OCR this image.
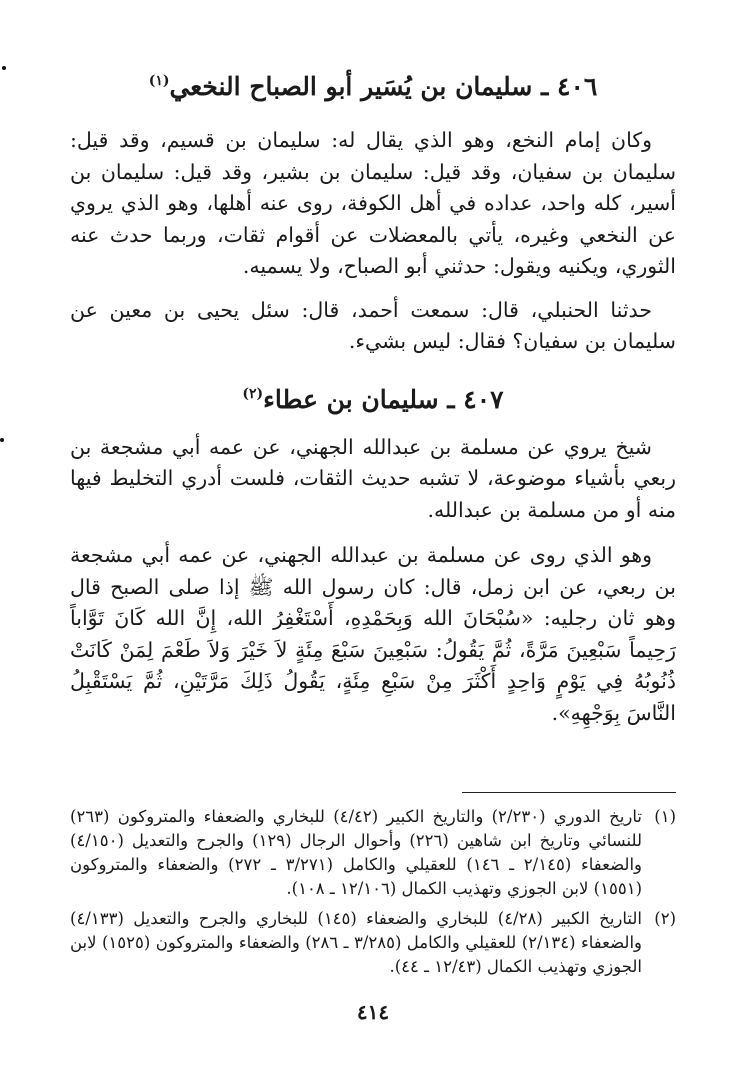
٤٠٦ ـ سليمان بن يُسَير أبو الصباح النخعي$^{(١)}$

وكان إمام النخع، وهو الذي يقال له: سليمان بن قسيم، وقد قيل: سليمان بن سفيان، وقد قيل: سليمان بن بشير، وقد قيل: سليمان بن أسير، كله واحد، عداده في أهل الكوفة، روى عنه أهلها، وهو الذي يروي عن النخعي وغيره، يأتي بالمعضلات عن أقوام ثقات، وربما حدث عنه الثوري، ويكنيه ويقول: حدثني أبو الصباح، ولا يسميه.

حدثنا الحنبلي، قال: سمعت أحمد، قال: سئل يحيى بن معين عن سليمان بن سفيان؟ فقال: ليس بشيء.

٤٠٧ ـ سليمان بن عطاء$^{(٢)}$

شيخ يروي عن مسلمة بن عبدالله الجهني، عن عمه أبي مشجعة بن ربعي بأشياء موضوعة، لا تشبه حديث الثقات، فلست أدري التخليط فيها منه أو من مسلمة بن عبدالله.

وهو الذي روى عن مسلمة بن عبدالله الجهني، عن عمه أبي مشجعة بن ربعي، عن ابن زمل، قال: كان رسول الله ﷺ إذا صلى الصبح قال وهو ثان رجليه: «سُبْحَانَ الله وَبِحَمْدِهِ، أَسْتَغْفِرُ الله، إِنَّ الله كَانَ تَوَّاباً رَحِيماً سَبْعِينَ مَرَّةً، ثُمَّ يَقُولُ: سَبْعِينَ سَبْعَ مِئَةٍ لاَ خَيْرَ وَلاَ طَعْمَ لِمَنْ كَانَتْ ذُنُوبُهُ فِي يَوْمٍ وَاحِدٍ أَكْثَرَ مِنْ سَبْعِ مِئَةٍ، يَقُولُ ذَلِكَ مَرَّتَيْنِ، ثُمَّ يَسْتَقْبِلُ النَّاسَ بِوَجْهِهِ».

(١)
تاريخ الدوري (٢/٢٣٠) والتاريخ الكبير (٤/٤٢) للبخاري والضعفاء والمتروكون (٢٦٣) للنسائي وتاريخ ابن شاهين (٢٢٦) وأحوال الرجال (١٢٩) والجرح والتعديل (٤/١٥٠) والضعفاء (٢/١٤٥ ـ ١٤٦) للعقيلي والكامل (٣/٢٧١ ـ ٢٧٢) والضعفاء والمتروكون (١٥٥١) لابن الجوزي وتهذيب الكمال (١٢/١٠٦ ـ ١٠٨).
(٢)
التاريخ الكبير (٤/٢٨) للبخاري والضعفاء (١٤٥) للبخاري والجرح والتعديل (٤/١٣٣) والضعفاء (٢/١٣٤) للعقيلي والكامل (٣/٢٨٥ ـ ٢٨٦) والضعفاء والمتروكون (١٥٢٥) لابن الجوزي وتهذيب الكمال (١٢/٤٣ ـ ٤٤).
٤١٤
